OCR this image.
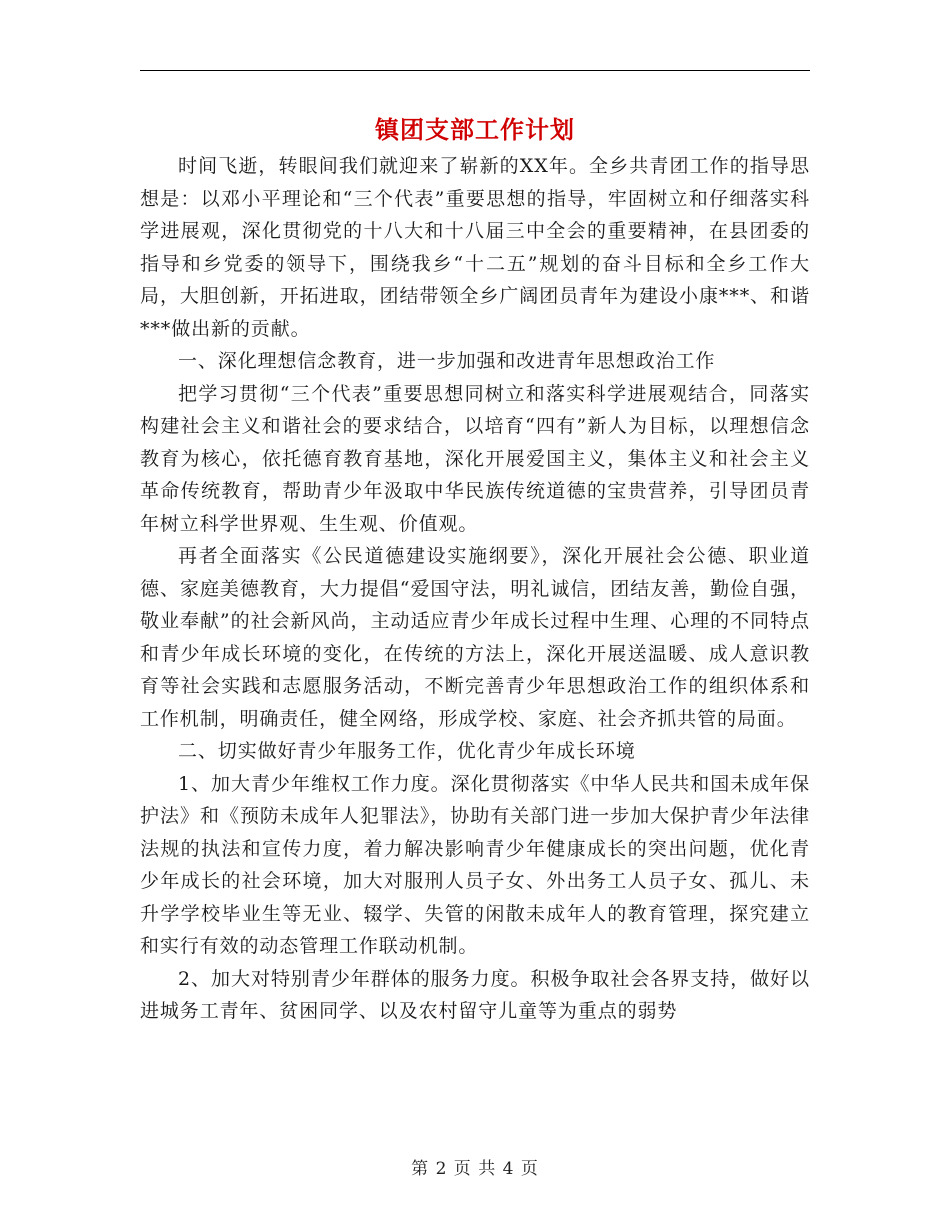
镇团支部工作计划

时间飞逝，转眼间我们就迎来了崭新的XX年。全乡共青团工作的指导思想是：以邓小平理论和“三个代表”重要思想的指导，牢固树立和仔细落实科学进展观，深化贯彻党的十八大和十八届三中全会的重要精神，在县团委的指导和乡党委的领导下，围绕我乡“十二五”规划的奋斗目标和全乡工作大局，大胆创新，开拓进取，团结带领全乡广阔团员青年为建设小康***、和谐***做出新的贡献。

一、深化理想信念教育，进一步加强和改进青年思想政治工作

把学习贯彻“三个代表”重要思想同树立和落实科学进展观结合，同落实构建社会主义和谐社会的要求结合，以培育“四有”新人为目标，以理想信念教育为核心，依托德育教育基地，深化开展爱国主义，集体主义和社会主义革命传统教育，帮助青少年汲取中华民族传统道德的宝贵营养，引导团员青年树立科学世界观、生生观、价值观。

再者全面落实《公民道德建设实施纲要》，深化开展社会公德、职业道德、家庭美德教育，大力提倡“爱国守法，明礼诚信，团结友善，勤俭自强，敬业奉献”的社会新风尚，主动适应青少年成长过程中生理、心理的不同特点和青少年成长环境的变化，在传统的方法上，深化开展送温暖、成人意识教育等社会实践和志愿服务活动，不断完善青少年思想政治工作的组织体系和工作机制，明确责任，健全网络，形成学校、家庭、社会齐抓共管的局面。

二、切实做好青少年服务工作，优化青少年成长环境

1、加大青少年维权工作力度。深化贯彻落实《中华人民共和国未成年保护法》和《预防未成年人犯罪法》，协助有关部门进一步加大保护青少年法律法规的执法和宣传力度，着力解决影响青少年健康成长的突出问题，优化青少年成长的社会环境，加大对服刑人员子女、外出务工人员子女、孤儿、未升学学校毕业生等无业、辍学、失管的闲散未成年人的教育管理，探究建立和实行有效的动态管理工作联动机制。

2、加大对特别青少年群体的服务力度。积极争取社会各界支持，做好以进城务工青年、贫困同学、以及农村留守儿童等为重点的弱势

第 2 页 共 4 页
